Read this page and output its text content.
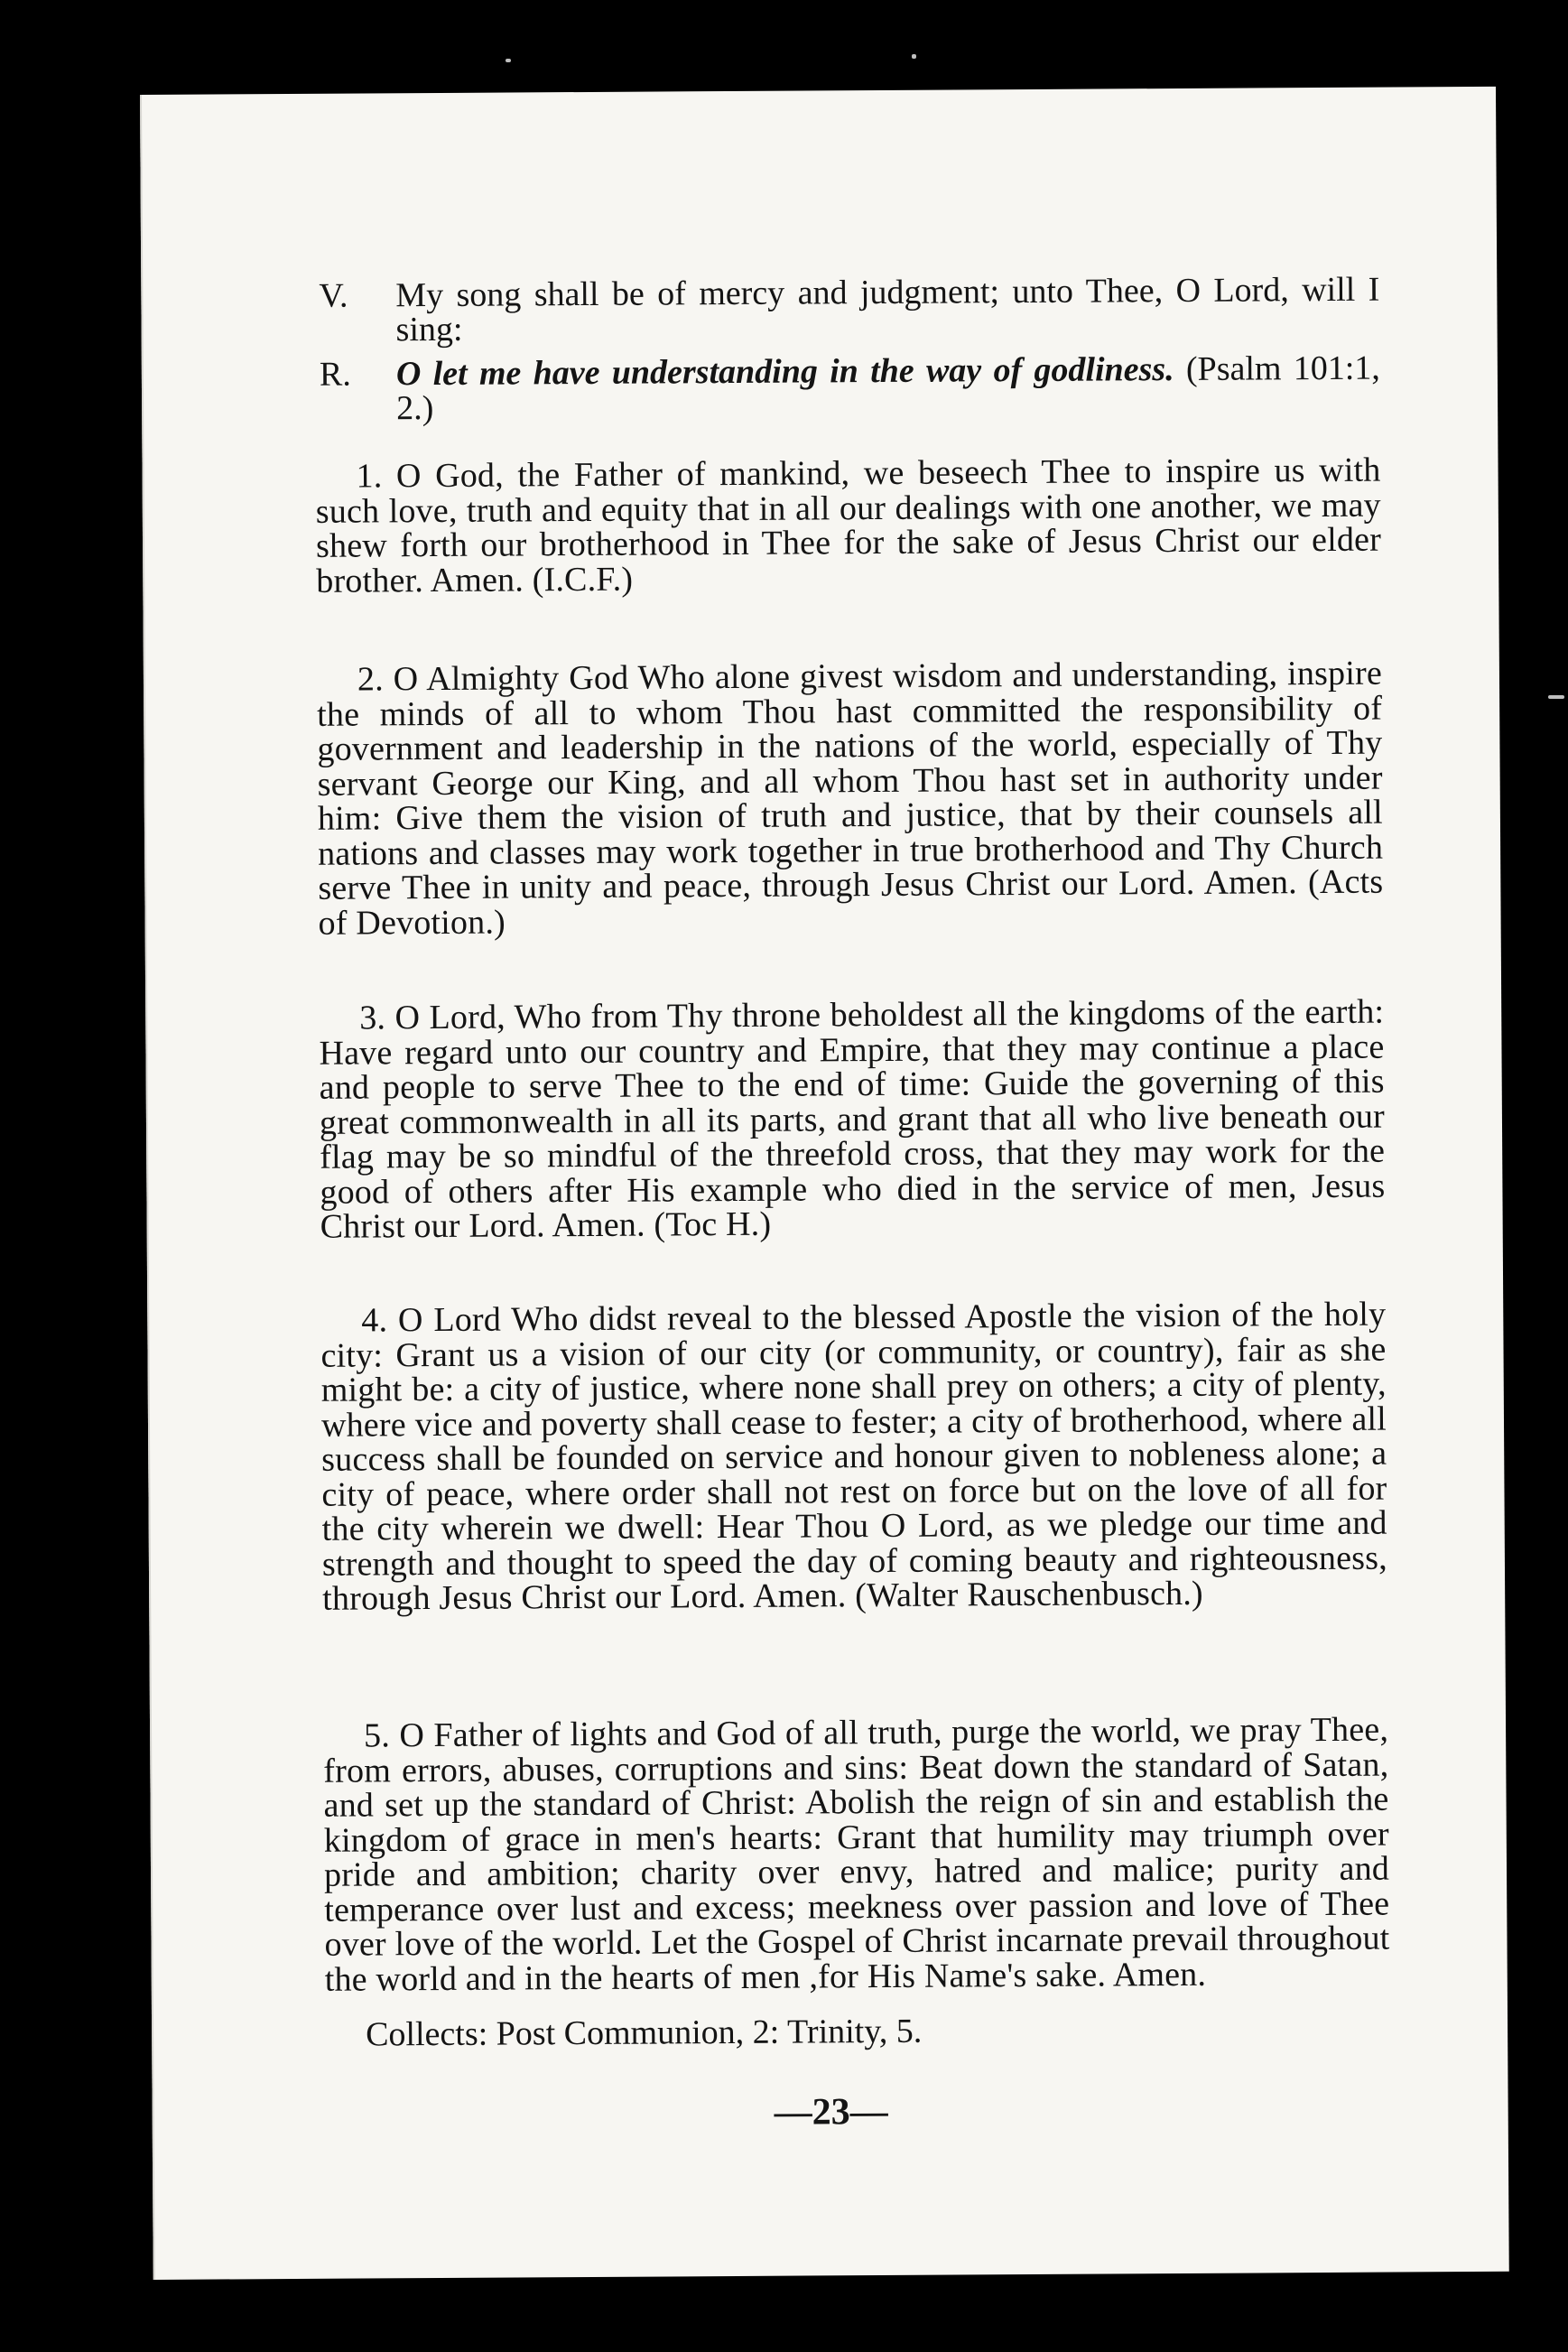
V. My song shall be of mercy and judgment; unto Thee, O Lord, will I sing:
R. O let me have understanding in the way of godliness. (Psalm 101:1, 2.)
1. O God, the Father of mankind, we beseech Thee to inspire us with such love, truth and equity that in all our dealings with one another, we may shew forth our brotherhood in Thee for the sake of Jesus Christ our elder brother. Amen. (I.C.F.)
2. O Almighty God Who alone givest wisdom and understanding, inspire the minds of all to whom Thou hast committed the responsibility of government and leadership in the nations of the world, especially of Thy servant George our King, and all whom Thou hast set in authority under him: Give them the vision of truth and justice, that by their counsels all nations and classes may work together in true brotherhood and Thy Church serve Thee in unity and peace, through Jesus Christ our Lord. Amen. (Acts of Devotion.)
3. O Lord, Who from Thy throne beholdest all the kingdoms of the earth: Have regard unto our country and Empire, that they may continue a place and people to serve Thee to the end of time: Guide the governing of this great commonwealth in all its parts, and grant that all who live beneath our flag may be so mindful of the threefold cross, that they may work for the good of others after His example who died in the service of men, Jesus Christ our Lord. Amen. (Toc H.)
4. O Lord Who didst reveal to the blessed Apostle the vision of the holy city: Grant us a vision of our city (or community, or country), fair as she might be: a city of justice, where none shall prey on others; a city of plenty, where vice and poverty shall cease to fester; a city of brotherhood, where all success shall be founded on service and honour given to nobleness alone; a city of peace, where order shall not rest on force but on the love of all for the city wherein we dwell: Hear Thou O Lord, as we pledge our time and strength and thought to speed the day of coming beauty and righteousness, through Jesus Christ our Lord. Amen. (Walter Rauschenbusch.)
5. O Father of lights and God of all truth, purge the world, we pray Thee, from errors, abuses, corruptions and sins: Beat down the standard of Satan, and set up the standard of Christ: Abolish the reign of sin and establish the kingdom of grace in men's hearts: Grant that humility may triumph over pride and ambition; charity over envy, hatred and malice; purity and temperance over lust and excess; meekness over passion and love of Thee over love of the world. Let the Gospel of Christ incarnate prevail throughout the world and in the hearts of men ,for His Name's sake. Amen.
Collects: Post Communion, 2: Trinity, 5.
—23—
